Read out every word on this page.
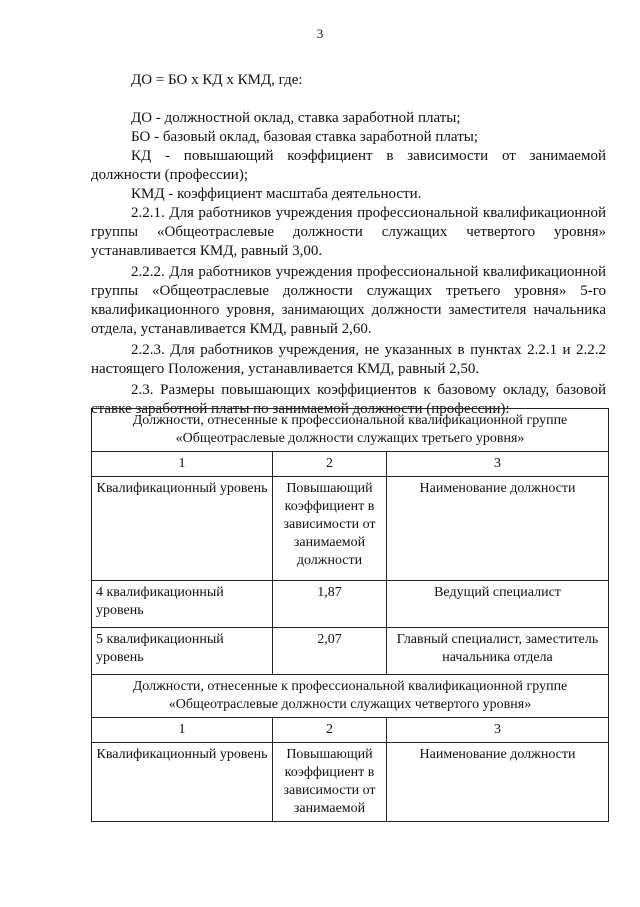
3

ДО = БО х КД х КМД, где:

ДО - должностной оклад, ставка заработной платы;

БО - базовый оклад, базовая ставка заработной платы;

КД - повышающий коэффициент в зависимости от занимаемой должности (профессии);

КМД - коэффициент масштаба деятельности.

2.2.1. Для работников учреждения профессиональной квалификационной группы «Общеотраслевые должности служащих четвертого уровня» устанавливается КМД, равный 3,00.

2.2.2. Для работников учреждения профессиональной квалификационной группы «Общеотраслевые должности служащих третьего уровня» 5-го квалификационного уровня, занимающих должности заместителя начальника отдела, устанавливается КМД, равный 2,60.

2.2.3. Для работников учреждения, не указанных в пунктах 2.2.1 и 2.2.2 настоящего Положения, устанавливается КМД, равный 2,50.

2.3. Размеры повышающих коэффициентов к базовому окладу, базовой ставке заработной платы по занимаемой должности (профессии):

Должности, отнесенные к профессиональной квалификационной группе
«Общеотраслевые должности служащих третьего уровня»		

1	2	3
Квалификационный уровень	Повышающий коэффициент в зависимости от занимаемой должности	Наименование должности
4 квалификационный уровень	1,87	Ведущий специалист
5 квалификационный уровень	2,07	Главный специалист, заместитель начальника отдела

Должности, отнесенные к профессиональной квалификационной группе
«Общеотраслевые должности служащих четвертого уровня»		

1	2	3
Квалификационный уровень	Повышающий коэффициент в зависимости от занимаемой	Наименование должности
